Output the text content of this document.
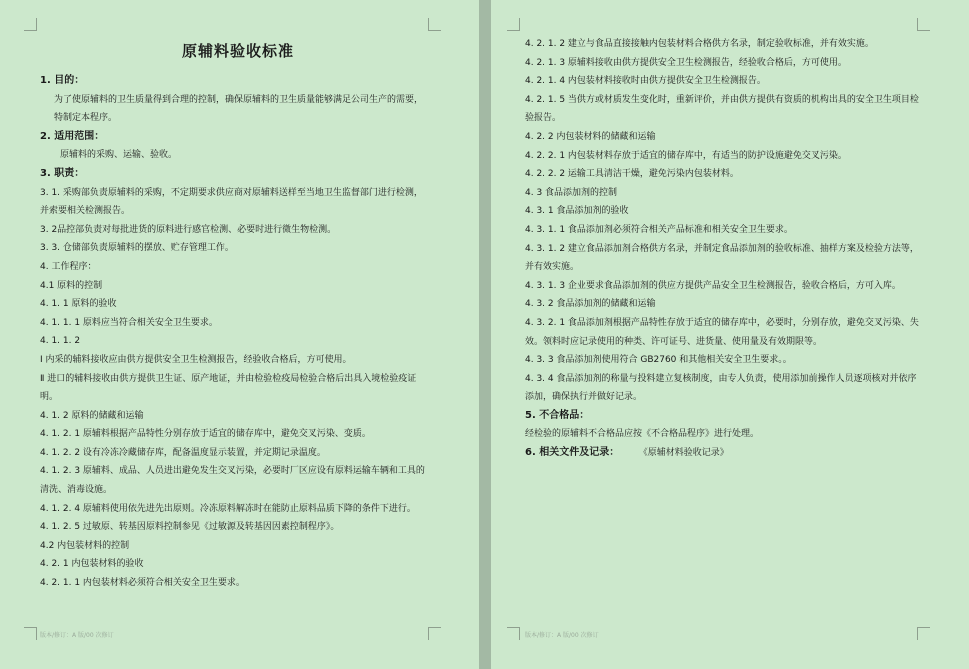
原辅料验收标准
1. 目的：
为了使原辅料的卫生质量得到合理的控制，确保原辅料的卫生质量能够满足公司生产的需要，特制定本程序。
2. 适用范围：
原辅料的采购、运输、验收。
3. 职责：
3. 1. 采购部负责原辅料的采购，不定期要求供应商对原辅料送样至当地卫生监督部门进行检测，并索要相关检测报告。
3. 2品控部负责对每批进货的原料进行感官检测、必要时进行微生物检测。
3. 3. 仓储部负责原辅料的摆放、贮存管理工作。
4. 工作程序：
4.1 原料的控制
4. 1. 1 原料的验收
4. 1. 1. 1 原料应当符合相关安全卫生要求。
4. 1. 1. 2
Ⅰ 内采的辅料接收应由供方提供安全卫生检测报告，经验收合格后，方可使用。
Ⅱ 进口的辅料接收由供方提供卫生证、原产地证，并由检验检疫局检验合格后出具入境检验疫证明。
4. 1. 2 原料的储藏和运输
4. 1. 2. 1 原辅料根据产品特性分别存放于适宜的储存库中，避免交叉污染、变质。
4. 1. 2. 2 设有冷冻冷藏储存库，配备温度显示装置，并定期记录温度。
4. 1. 2. 3 原辅料、成品、人员进出避免发生交叉污染，必要时厂区应设有原料运输车辆和工具的清洗、消毒设施。
4. 1. 2. 4 原辅料使用依先进先出原则。冷冻原料解冻时在能防止原料品质下降的条件下进行。
4. 1. 2. 5 过敏原、转基因原料控制参见《过敏源及转基因因素控制程序》。
4.2 内包装材料的控制
4. 2. 1 内包装材料的验收
4. 2. 1. 1 内包装材料必须符合相关安全卫生要求。
版本/修订：A 版/00 次修订
4. 2. 1. 2 建立与食品直接接触内包装材料合格供方名录，制定验收标准，并有效实施。
4. 2. 1. 3 原辅料接收由供方提供安全卫生检测报告，经验收合格后，方可使用。
4. 2. 1. 4 内包装材料接收时由供方提供安全卫生检测报告。
4. 2. 1. 5 当供方或材质发生变化时，重新评价，并由供方提供有资质的机构出具的安全卫生项目检验报告。
4. 2. 2 内包装材料的储藏和运输
4. 2. 2. 1 内包装材料存放于适宜的储存库中，有适当的防护设施避免交叉污染。
4. 2. 2. 2 运输工具清洁干燥，避免污染内包装材料。
4. 3 食品添加剂的控制
4. 3. 1 食品添加剂的验收
4. 3. 1. 1 食品添加剂必须符合相关产品标准和相关安全卫生要求。
4. 3. 1. 2 建立食品添加剂合格供方名录，并制定食品添加剂的验收标准、抽样方案及检验方法等，并有效实施。
4. 3. 1. 3 企业要求食品添加剂的供应方提供产品安全卫生检测报告，验收合格后，方可入库。
4. 3. 2 食品添加剂的储藏和运输
4. 3. 2. 1 食品添加剂根据产品特性存放于适宜的储存库中，必要时，分别存放，避免交叉污染、失效。领料时应记录使用的种类、许可证号、进货量、使用量及有效期限等。
4. 3. 3 食品添加剂使用符合 GB2760 和其他相关安全卫生要求。。
4. 3. 4 食品添加剂的称量与投料建立复核制度，由专人负责，使用添加前操作人员逐项核对并依序添加，确保执行并做好记录。
5. 不合格品：
经检验的原辅料不合格品应按《不合格品程序》进行处理。
6. 相关文件及记录：	《原辅材料验收记录》
版本/修订：A 版/00 次修订
